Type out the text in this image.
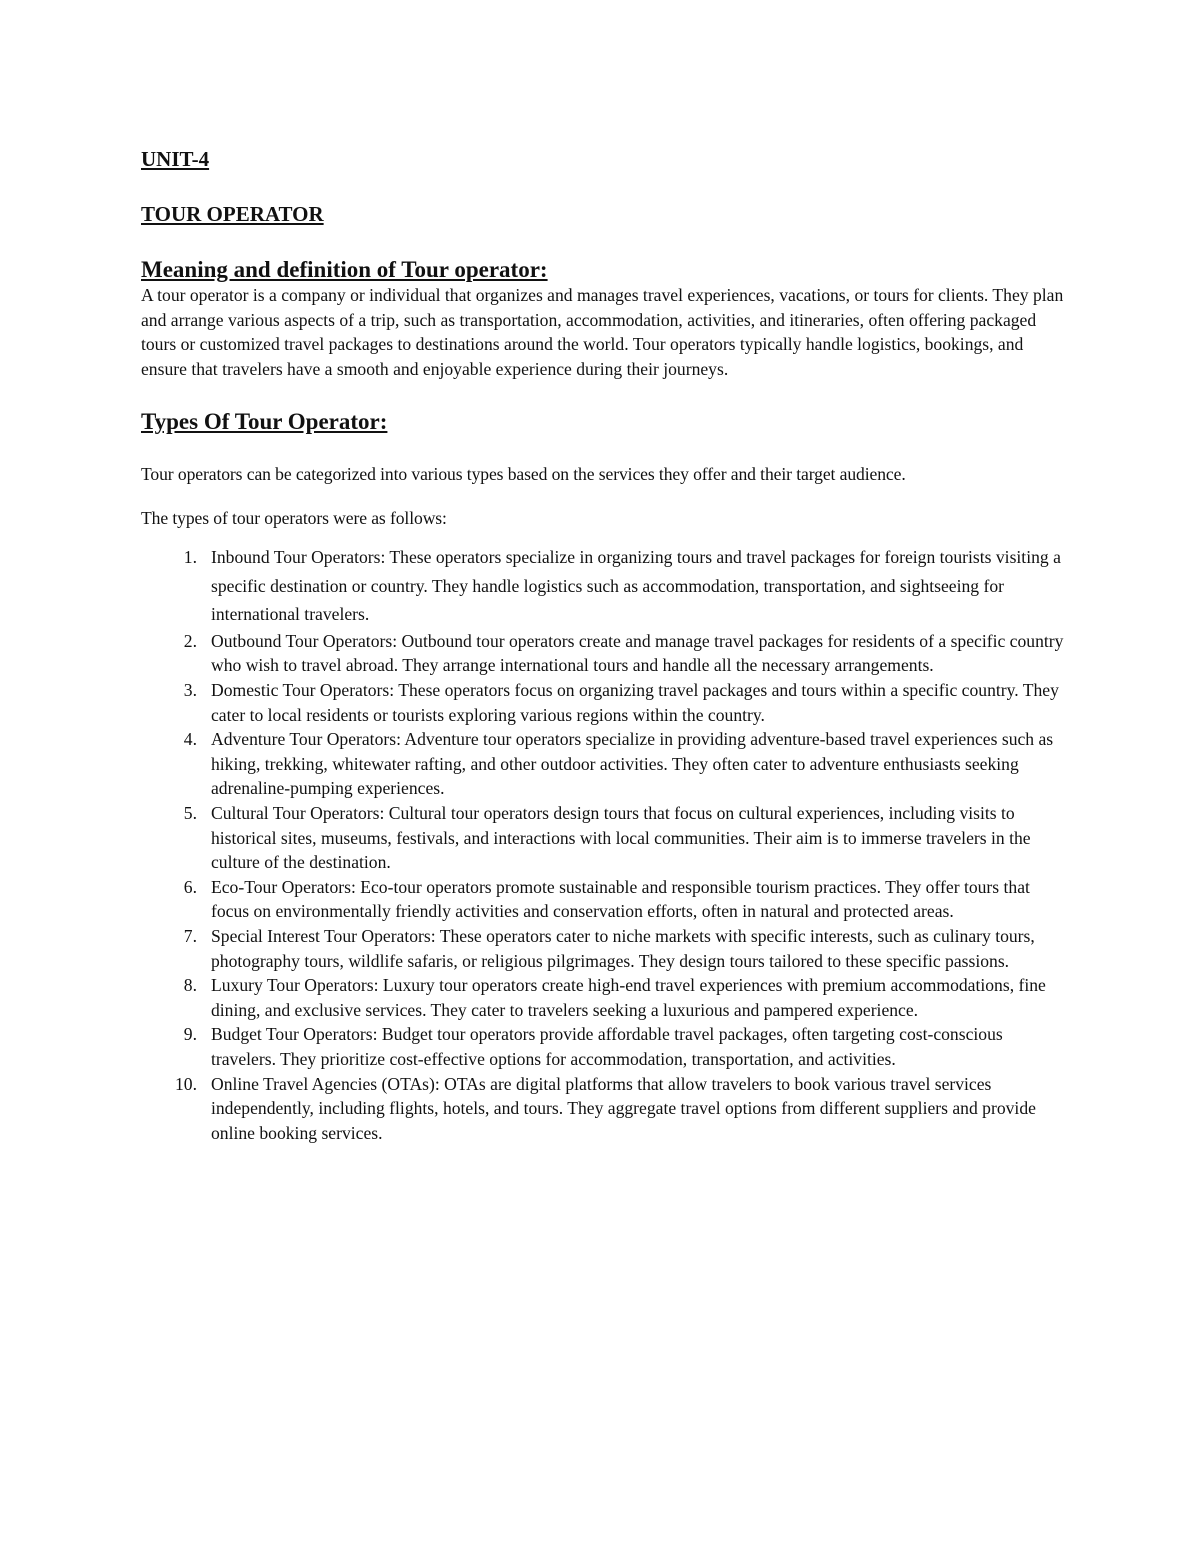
UNIT-4

TOUR OPERATOR

Meaning and definition of Tour operator:

A tour operator is a company or individual that organizes and manages travel experiences, vacations, or tours for clients. They plan and arrange various aspects of a trip, such as transportation, accommodation, activities, and itineraries, often offering packaged tours or customized travel packages to destinations around the world. Tour operators typically handle logistics, bookings, and ensure that travelers have a smooth and enjoyable experience during their journeys.

Types Of Tour Operator:

Tour operators can be categorized into various types based on the services they offer and their target audience.

The types of tour operators were as follows:

1. Inbound Tour Operators: These operators specialize in organizing tours and travel packages for foreign tourists visiting a specific destination or country. They handle logistics such as accommodation, transportation, and sightseeing for international travelers.
2. Outbound Tour Operators: Outbound tour operators create and manage travel packages for residents of a specific country who wish to travel abroad. They arrange international tours and handle all the necessary arrangements.
3. Domestic Tour Operators: These operators focus on organizing travel packages and tours within a specific country. They cater to local residents or tourists exploring various regions within the country.
4. Adventure Tour Operators: Adventure tour operators specialize in providing adventure-based travel experiences such as hiking, trekking, whitewater rafting, and other outdoor activities. They often cater to adventure enthusiasts seeking adrenaline-pumping experiences.
5. Cultural Tour Operators: Cultural tour operators design tours that focus on cultural experiences, including visits to historical sites, museums, festivals, and interactions with local communities. Their aim is to immerse travelers in the culture of the destination.
6. Eco-Tour Operators: Eco-tour operators promote sustainable and responsible tourism practices. They offer tours that focus on environmentally friendly activities and conservation efforts, often in natural and protected areas.
7. Special Interest Tour Operators: These operators cater to niche markets with specific interests, such as culinary tours, photography tours, wildlife safaris, or religious pilgrimages. They design tours tailored to these specific passions.
8. Luxury Tour Operators: Luxury tour operators create high-end travel experiences with premium accommodations, fine dining, and exclusive services. They cater to travelers seeking a luxurious and pampered experience.
9. Budget Tour Operators: Budget tour operators provide affordable travel packages, often targeting cost-conscious travelers. They prioritize cost-effective options for accommodation, transportation, and activities.
10. Online Travel Agencies (OTAs): OTAs are digital platforms that allow travelers to book various travel services independently, including flights, hotels, and tours. They aggregate travel options from different suppliers and provide online booking services.
